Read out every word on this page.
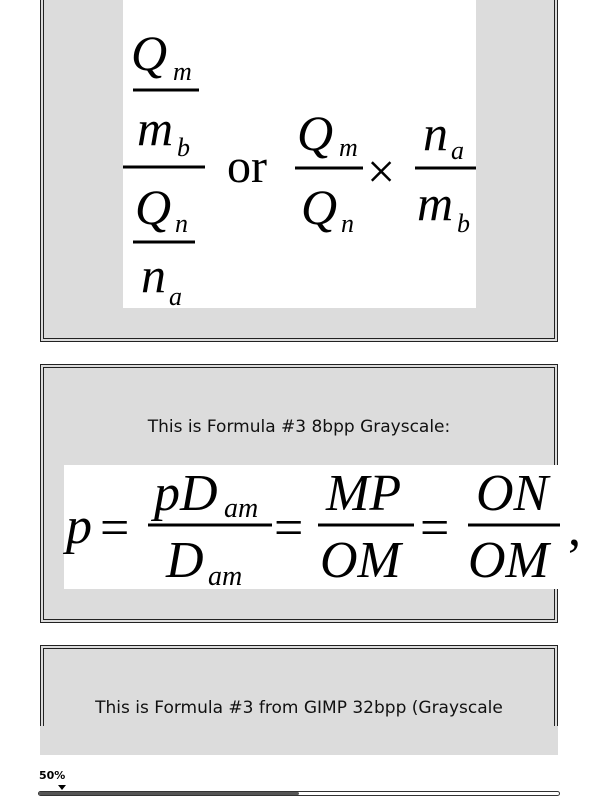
Q m
m b
Q n
n a
or
Q m
Q n
×
n a
m b
This is Formula #3 8bpp Grayscale:
p =
pD am
D am
=
MP
OM
=
ON
OM
,
This is Formula #3 from GIMP 32bpp (Grayscale
50%
